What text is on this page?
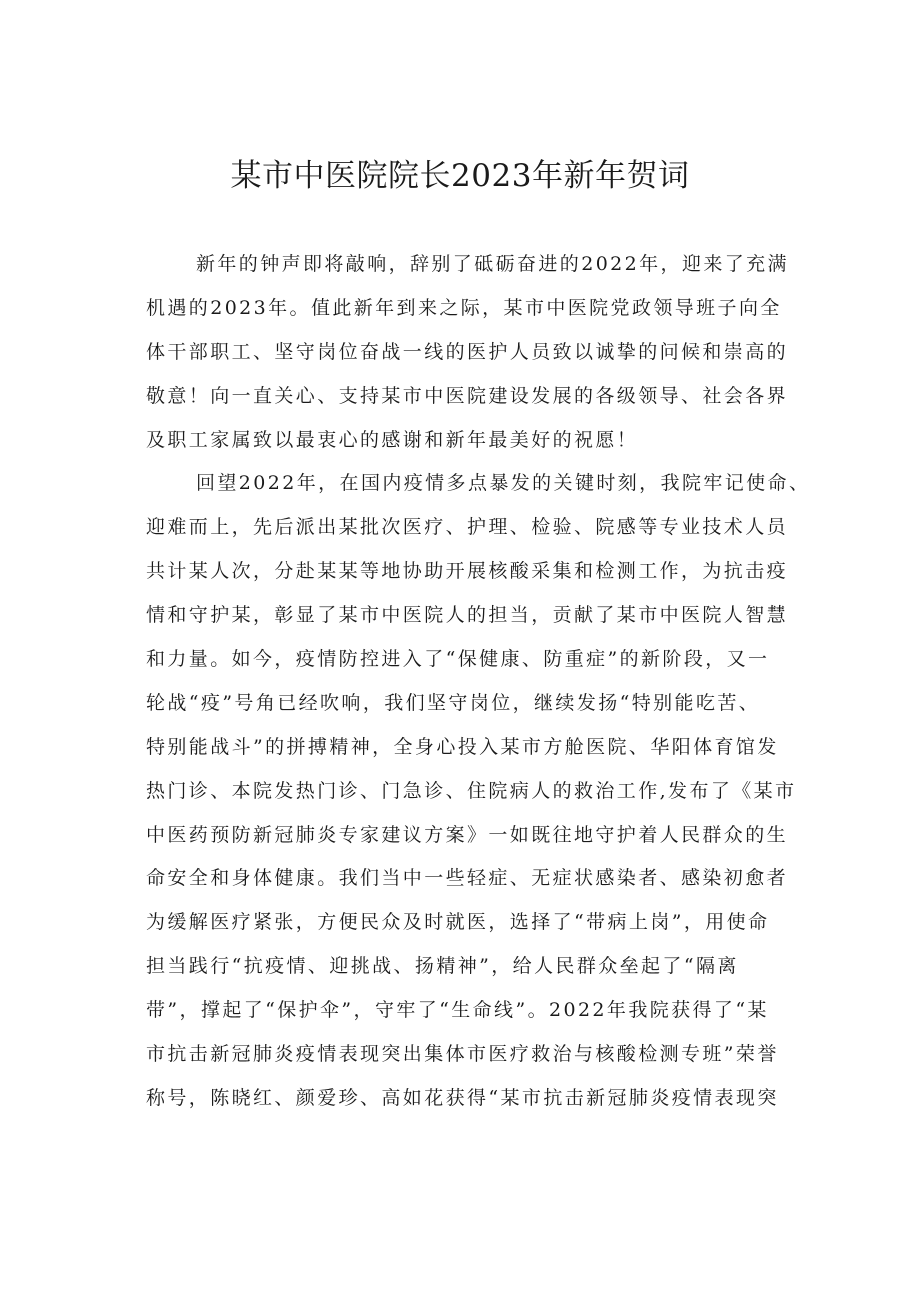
某市中医院院长2023年新年贺词

新年的钟声即将敲响，辞别了砥砺奋进的2022年，迎来了充满
机遇的2023年。值此新年到来之际，某市中医院党政领导班子向全
体干部职工、坚守岗位奋战一线的医护人员致以诚挚的问候和崇高的
敬意！向一直关心、支持某市中医院建设发展的各级领导、社会各界
及职工家属致以最衷心的感谢和新年最美好的祝愿！

回望2022年，在国内疫情多点暴发的关键时刻，我院牢记使命、
迎难而上，先后派出某批次医疗、护理、检验、院感等专业技术人员
共计某人次，分赴某某等地协助开展核酸采集和检测工作，为抗击疫
情和守护某，彰显了某市中医院人的担当，贡献了某市中医院人智慧
和力量。如今，疫情防控进入了“保健康、防重症”的新阶段，又一
轮战“疫”号角已经吹响，我们坚守岗位，继续发扬“特别能吃苦、
特别能战斗”的拼搏精神，全身心投入某市方舱医院、华阳体育馆发
热门诊、本院发热门诊、门急诊、住院病人的救治工作,发布了《某市
中医药预防新冠肺炎专家建议方案》一如既往地守护着人民群众的生
命安全和身体健康。我们当中一些轻症、无症状感染者、感染初愈者
为缓解医疗紧张，方便民众及时就医，选择了“带病上岗”，用使命
担当践行“抗疫情、迎挑战、扬精神”，给人民群众垒起了“隔离
带”，撑起了“保护伞”，守牢了“生命线”。2022年我院获得了“某
市抗击新冠肺炎疫情表现突出集体市医疗救治与核酸检测专班”荣誉
称号，陈晓红、颜爱珍、高如花获得“某市抗击新冠肺炎疫情表现突
